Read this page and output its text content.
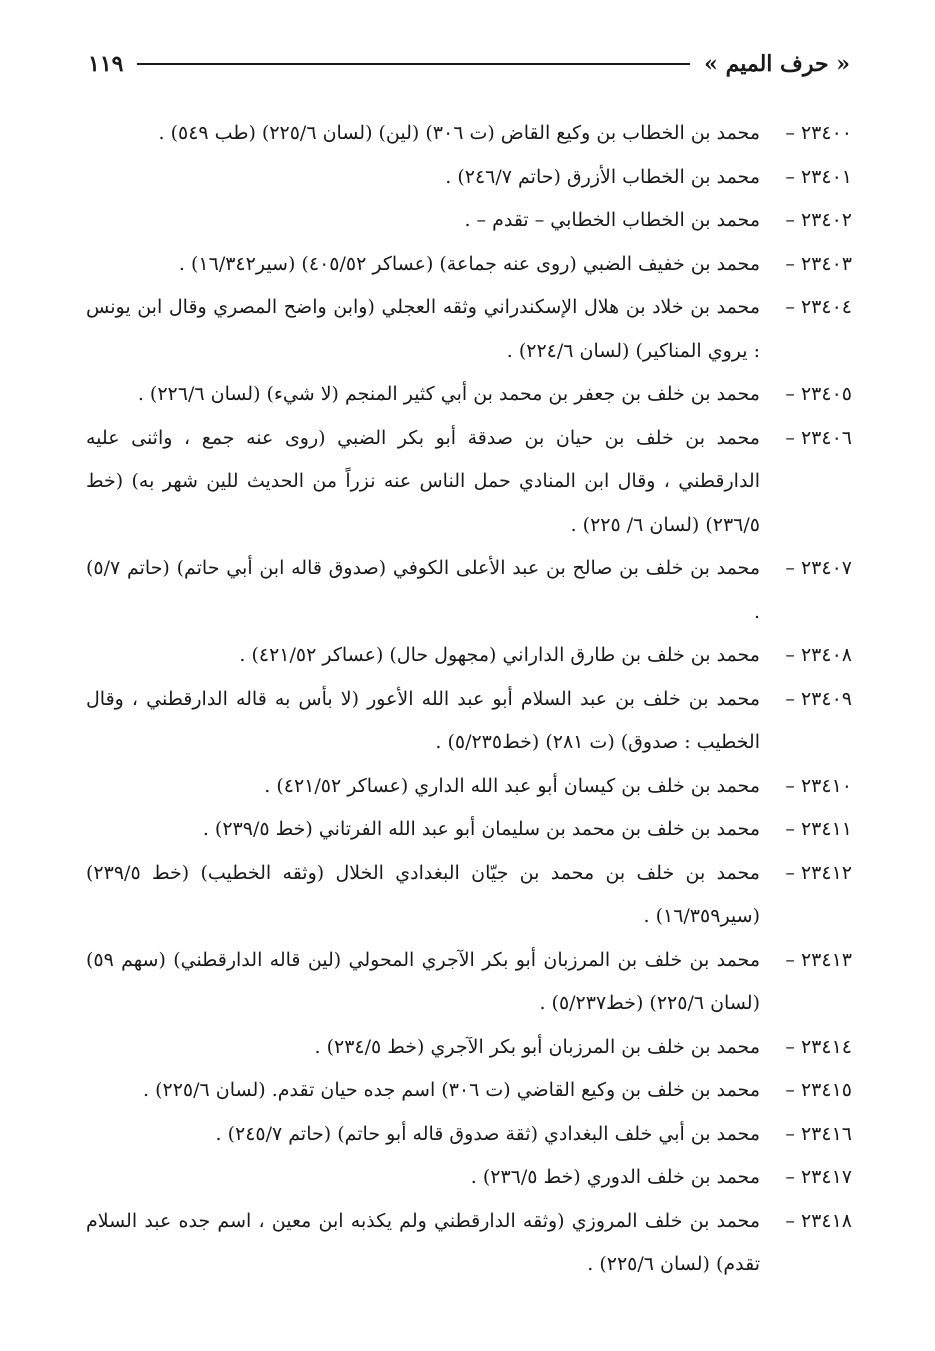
« حرف الميم »
١١٩
٢٣٤٠٠ –
محمد بن الخطاب بن وكيع القاض (ت ٣٠٦) (لين) (لسان ٢٢٥/٦) (طب ٥٤٩) .
٢٣٤٠١ –
محمد بن الخطاب الأزرق (حاتم ٢٤٦/٧) .
٢٣٤٠٢ –
محمد بن الخطاب الخطابي – تقدم – .
٢٣٤٠٣ –
محمد بن خفيف الضبي (روى عنه جماعة) (عساكر ٤٠٥/٥٢) (سير١٦/٣٤٢) .
٢٣٤٠٤ –
محمد بن خلاد بن هلال الإسكندراني وثقه العجلي (وابن واضح المصري وقال ابن يونس : يروي المناكير) (لسان ٢٢٤/٦) .
٢٣٤٠٥ –
محمد بن خلف بن جعفر بن محمد بن أبي كثير المنجم (لا شيء) (لسان ٢٢٦/٦) .
٢٣٤٠٦ –
محمد بن خلف بن حيان بن صدقة أبو بكر الضبي (روى عنه جمع ، واثنى عليه الدارقطني ، وقال ابن المنادي حمل الناس عنه نزراً من الحديث للين شهر به) (خط ٢٣٦/٥) (لسان ٦/ ٢٢٥) .
٢٣٤٠٧ –
محمد بن خلف بن صالح بن عبد الأعلى الكوفي (صدوق قاله ابن أبي حاتم) (حاتم ٥/٧) .
٢٣٤٠٨ –
محمد بن خلف بن طارق الداراني (مجهول حال) (عساكر ٤٢١/٥٢) .
٢٣٤٠٩ –
محمد بن خلف بن عبد السلام أبو عبد الله الأعور (لا بأس به قاله الدارقطني ، وقال الخطيب : صدوق) (ت ٢٨١) (خط٥/٢٣٥) .
٢٣٤١٠ –
محمد بن خلف بن كيسان أبو عبد الله الداري (عساكر ٤٢١/٥٢) .
٢٣٤١١ –
محمد بن خلف بن محمد بن سليمان أبو عبد الله الفرتاني (خط ٢٣٩/٥) .
٢٣٤١٢ –
محمد بن خلف بن محمد بن جيّان البغدادي الخلال (وثقه الخطيب) (خط ٢٣٩/٥) (سير١٦/٣٥٩) .
٢٣٤١٣ –
محمد بن خلف بن المرزبان أبو بكر الآجري المحولي (لين قاله الدارقطني) (سهم ٥٩) (لسان ٢٢٥/٦) (خط٥/٢٣٧) .
٢٣٤١٤ –
محمد بن خلف بن المرزبان أبو بكر الآجري (خط ٢٣٤/٥) .
٢٣٤١٥ –
محمد بن خلف بن وكيع القاضي (ت ٣٠٦) اسم جده حيان تقدم. (لسان ٢٢٥/٦) .
٢٣٤١٦ –
محمد بن أبي خلف البغدادي (ثقة صدوق قاله أبو حاتم) (حاتم ٢٤٥/٧) .
٢٣٤١٧ –
محمد بن خلف الدوري (خط ٢٣٦/٥) .
٢٣٤١٨ –
محمد بن خلف المروزي (وثقه الدارقطني ولم يكذبه ابن معين ، اسم جده عبد السلام تقدم) (لسان ٢٢٥/٦) .
